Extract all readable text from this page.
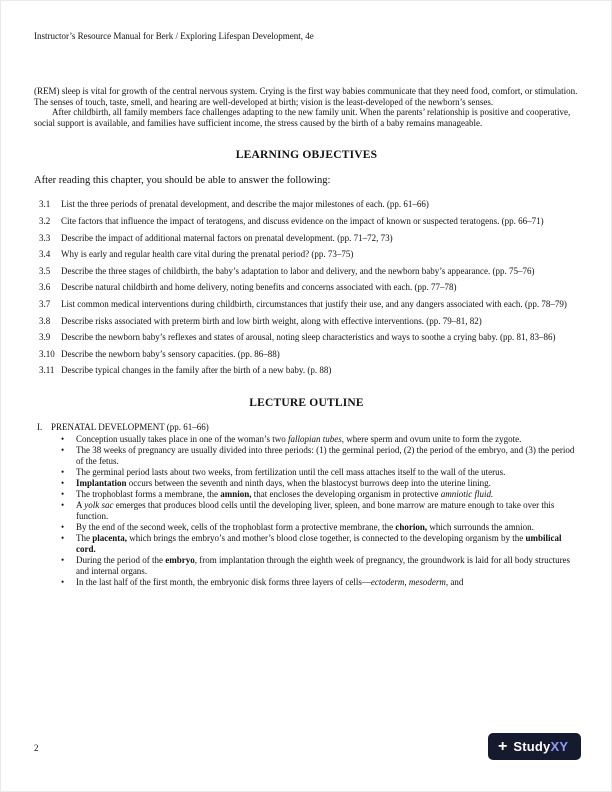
Instructor’s Resource Manual for Berk / Exploring Lifespan Development, 4e

(REM) sleep is vital for growth of the central nervous system. Crying is the first way babies communicate that they need food, comfort, or stimulation. The senses of touch, taste, smell, and hearing are well-developed at birth; vision is the least-developed of the newborn’s senses.

After childbirth, all family members face challenges adapting to the new family unit. When the parents’ relationship is positive and cooperative, social support is available, and families have sufficient income, the stress caused by the birth of a baby remains manageable.

LEARNING OBJECTIVES

After reading this chapter, you should be able to answer the following:

3.1	List the three periods of prenatal development, and describe the major milestones of each. (pp. 61–66)
3.2	Cite factors that influence the impact of teratogens, and discuss evidence on the impact of known or suspected teratogens. (pp. 66–71)
3.3	Describe the impact of additional maternal factors on prenatal development. (pp. 71–72, 73)
3.4	Why is early and regular health care vital during the prenatal period? (pp. 73–75)
3.5	Describe the three stages of childbirth, the baby’s adaptation to labor and delivery, and the newborn baby’s appearance. (pp. 75–76)
3.6	Describe natural childbirth and home delivery, noting benefits and concerns associated with each. (pp. 77–78)
3.7	List common medical interventions during childbirth, circumstances that justify their use, and any dangers associated with each. (pp. 78–79)
3.8	Describe risks associated with preterm birth and low birth weight, along with effective interventions. (pp. 79–81, 82)
3.9	Describe the newborn baby’s reflexes and states of arousal, noting sleep characteristics and ways to soothe a crying baby. (pp. 81, 83–86)
3.10 Describe the newborn baby’s sensory capacities. (pp. 86–88)
3.11 Describe typical changes in the family after the birth of a new baby. (p. 88)
LECTURE OUTLINE
I. PRENATAL DEVELOPMENT (pp. 61–66)
•	Conception usually takes place in one of the woman’s two fallopian tubes, where sperm and ovum unite to form the zygote.
•	The 38 weeks of pregnancy are usually divided into three periods: (1) the germinal period, (2) the period of the embryo, and (3) the period of the fetus.
•	The germinal period lasts about two weeks, from fertilization until the cell mass attaches itself to the wall of the uterus.
•	Implantation occurs between the seventh and ninth days, when the blastocyst burrows deep into the uterine lining.
•	The trophoblast forms a membrane, the amnion, that encloses the developing organism in protective amniotic fluid.
•	A yolk sac emerges that produces blood cells until the developing liver, spleen, and bone marrow are mature enough to take over this function.
•	By the end of the second week, cells of the trophoblast form a protective membrane, the chorion, which surrounds the amnion.
•	The placenta, which brings the embryo’s and mother’s blood close together, is connected to the developing organism by the umbilical cord.
•	During the period of the embryo, from implantation through the eighth week of pregnancy, the groundwork is laid for all body structures and internal organs.
•	In the last half of the first month, the embryonic disk forms three layers of cells—ectoderm, mesoderm, and
2	+ StudyXY
